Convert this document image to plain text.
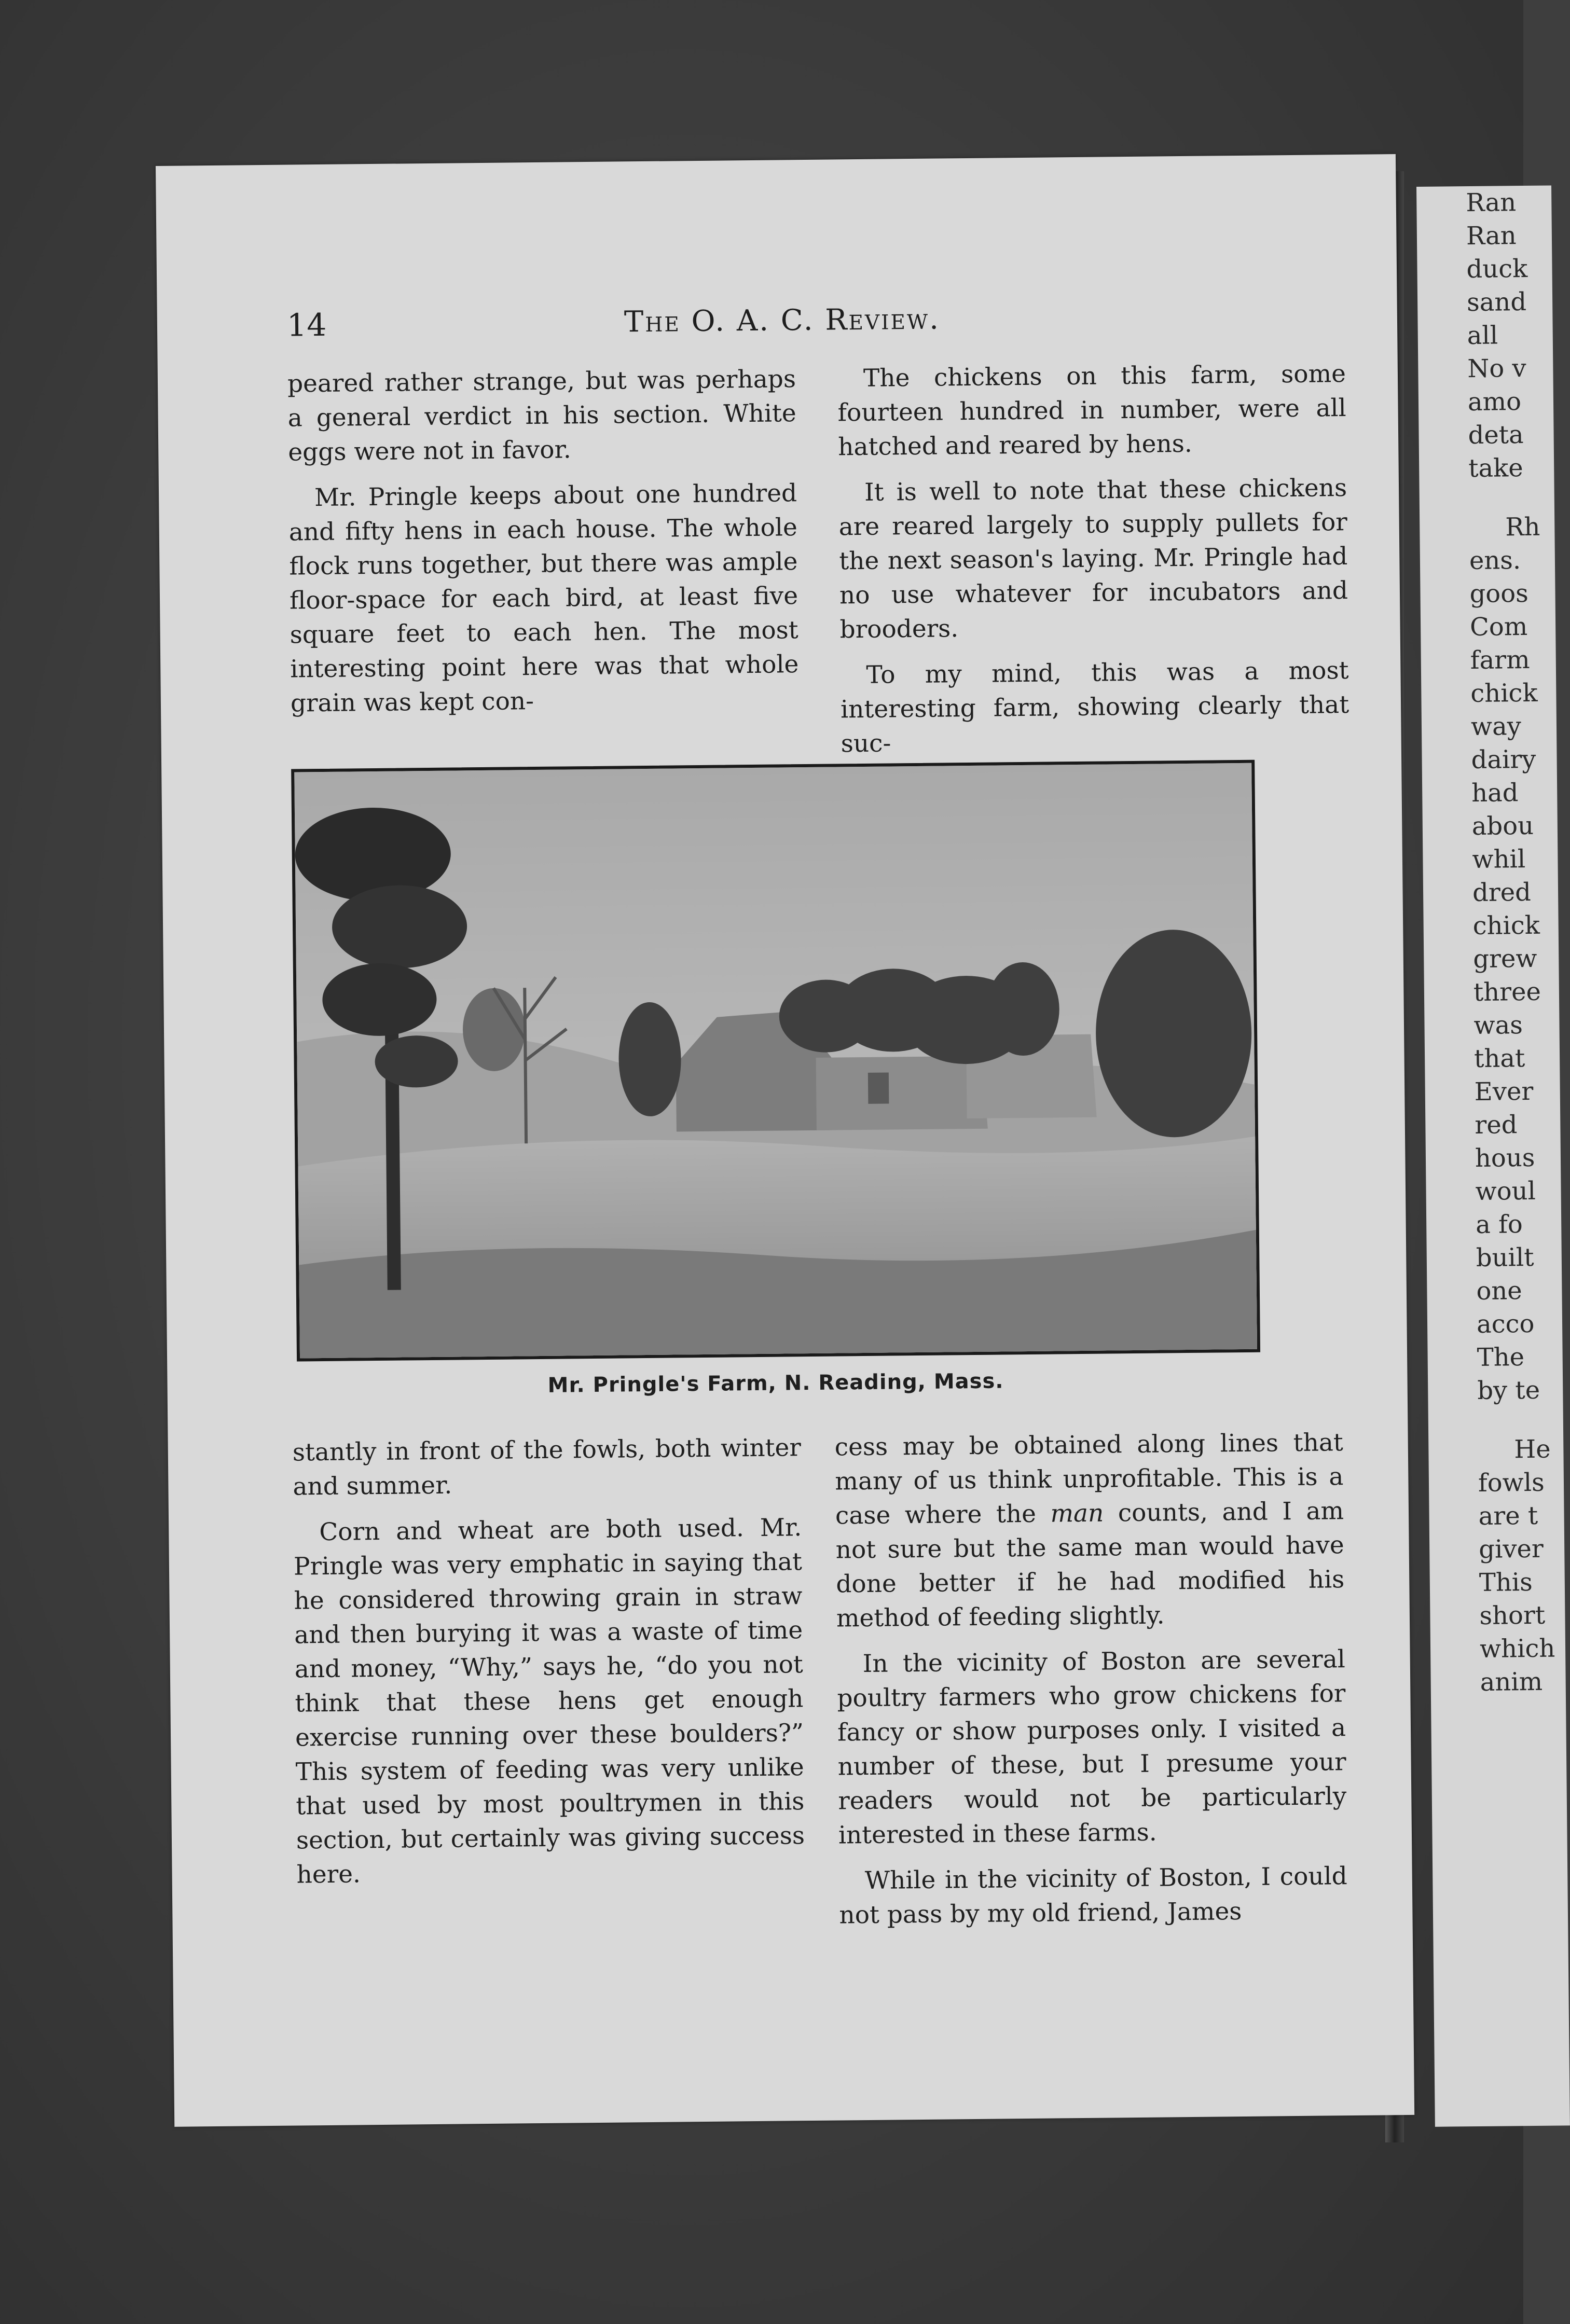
Ran
Ran
duck
sand
all
No v
amo
deta
take
Rh
ens.
goos
Com
farm
chick
way
dairy
had
abou
whil
dred
chick
grew
three
was
that
Ever
red
hous
woul
a fo
built
one
acco
The
by te
He
fowls
are t
giver
This
short
which
anim
14	The O. A. C. Review.

peared rather strange, but was perhaps a general verdict in his section. White eggs were not in favor.

Mr. Pringle keeps about one hundred and fifty hens in each house. The whole flock runs together, but there was ample floor-space for each bird, at least five square feet to each hen. The most interesting point here was that whole grain was kept con-

The chickens on this farm, some fourteen hundred in number, were all hatched and reared by hens.

It is well to note that these chickens are reared largely to supply pullets for the next season's laying. Mr. Pringle had no use whatever for incubators and brooders.

To my mind, this was a most interesting farm, showing clearly that suc-

Mr. Pringle's Farm, N. Reading, Mass.

stantly in front of the fowls, both winter and summer.

Corn and wheat are both used. Mr. Pringle was very emphatic in saying that he considered throwing grain in straw and then burying it was a waste of time and money, “Why,” says he, “do you not think that these hens get enough exercise running over these boulders?” This system of feeding was very unlike that used by most poultrymen in this section, but certainly was giving success here.

cess may be obtained along lines that many of us think unprofitable. This is a case where the man counts, and I am not sure but the same man would have done better if he had modified his method of feeding slightly.

In the vicinity of Boston are several poultry farmers who grow chickens for fancy or show purposes only. I visited a number of these, but I presume your readers would not be particularly interested in these farms.

While in the vicinity of Boston, I could not pass by my old friend, James
